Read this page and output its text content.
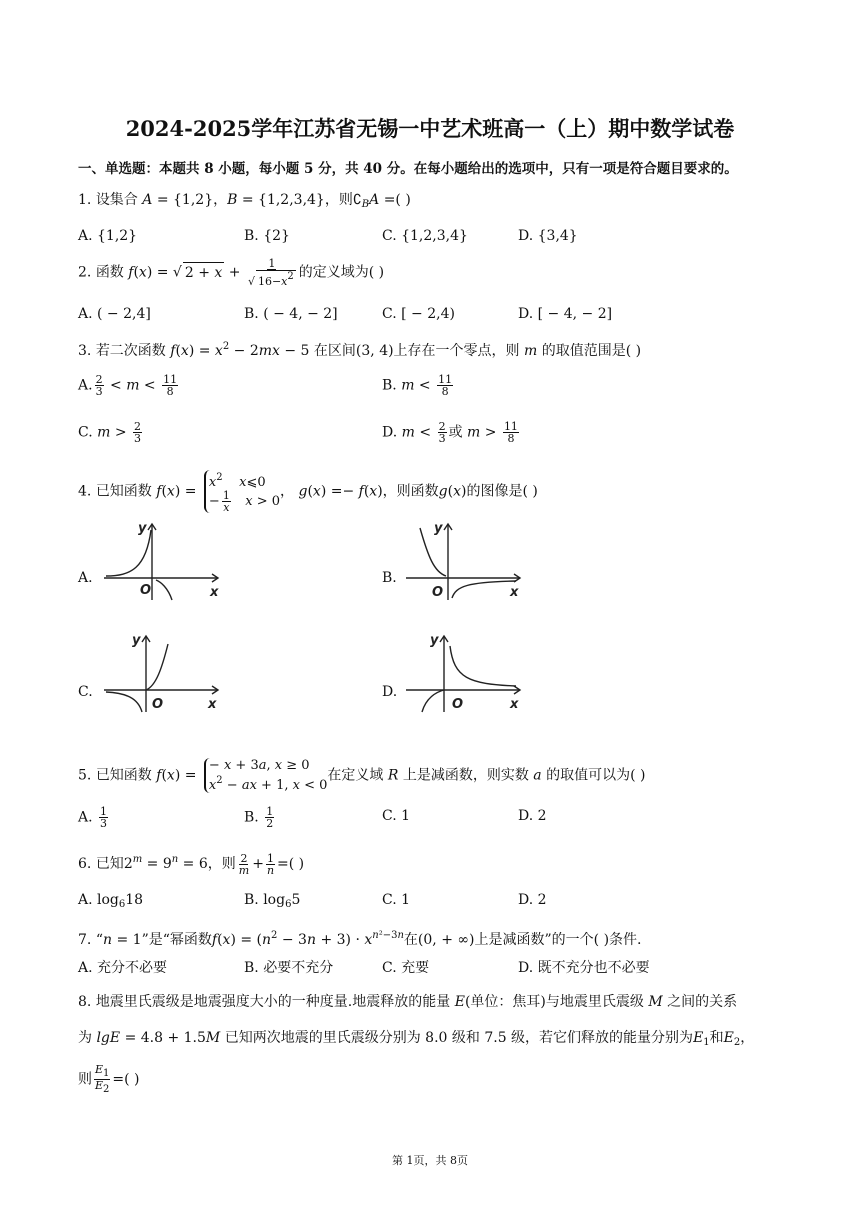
2024-2025学年江苏省无锡一中艺术班高一（上）期中数学试卷
一、单选题：本题共 8 小题，每小题 5 分，共 40 分。在每小题给出的选项中，只有一项是符合题目要求的。
1. 设集合 A = {1,2}，B = {1,2,3,4}，则$∁_BA$ =( )
A. {1,2}	B. {2}	C. {1,2,3,4}	D. {3,4}
2. 函数 f(x) = √ $2 + x + \frac{1}{√ 16-x2}$ 的定义域为( )
A. ( − 2,4]	B. ( − 4, − 2]	C. [ − 2,4)	D. [ − 4, − 2]
3. 若二次函数 $f(x) = x^2 - 2mx - 5$ 在区间(3, 4)上存在一个零点，则 m 的取值范围是( )
A. $\frac{2}{3} < m < \frac{11}{8}$	B. $m < \frac{11}{8}$
C. $m > \frac{2}{3}$	D. $m < \frac{2}{3}$ 或 $m > \frac{11}{8}$
4. 已知函数 f(x) =
$x^2$ x⩽0
− $\frac{1}{x}$ x > 0
， g(x) =− f(x)，则函数g(x)的图像是( )
A.
y
O	x
B.
y
O	x
C.
y
O	x
D.
y
O	x
5. 已知函数 f(x) =
− x + 3a, x ≥ 0
$x^2$ − ax + 1, x < 0
在定义域 R 上是减函数，则实数 a 的取值可以为( )
A. $\frac{1}{3}$	B. $\frac{1}{2}$	C. 1	D. 2
6. 已知$2^m = 9^n = 6$，则 $\frac{2}{m} + \frac{1}{n}$ =( )
A. $\log_618$	B. $\log_65$	C. 1	D. 2
7. “n = 1”是“幂函数$f(x) = (n^2 - 3n + 3) \cdot x^{n^2-3n}$在(0, + ∞)上是减函数”的一个( )条件.
A. 充分不必要	B. 必要不充分	C. 充要	D. 既不充分也不必要
8. 地震里氏震级是地震强度大小的一种度量.地震释放的能量 E(单位：焦耳)与地震里氏震级 M 之间的关系
为 lgE = 4.8 + 1.5M 已知两次地震的里氏震级分别为 8.0 级和 7.5 级，若它们释放的能量分别为$E_1$和$E_2$，
则 $\frac{E1}{E2}$ =( )
第 1页，共 8页
